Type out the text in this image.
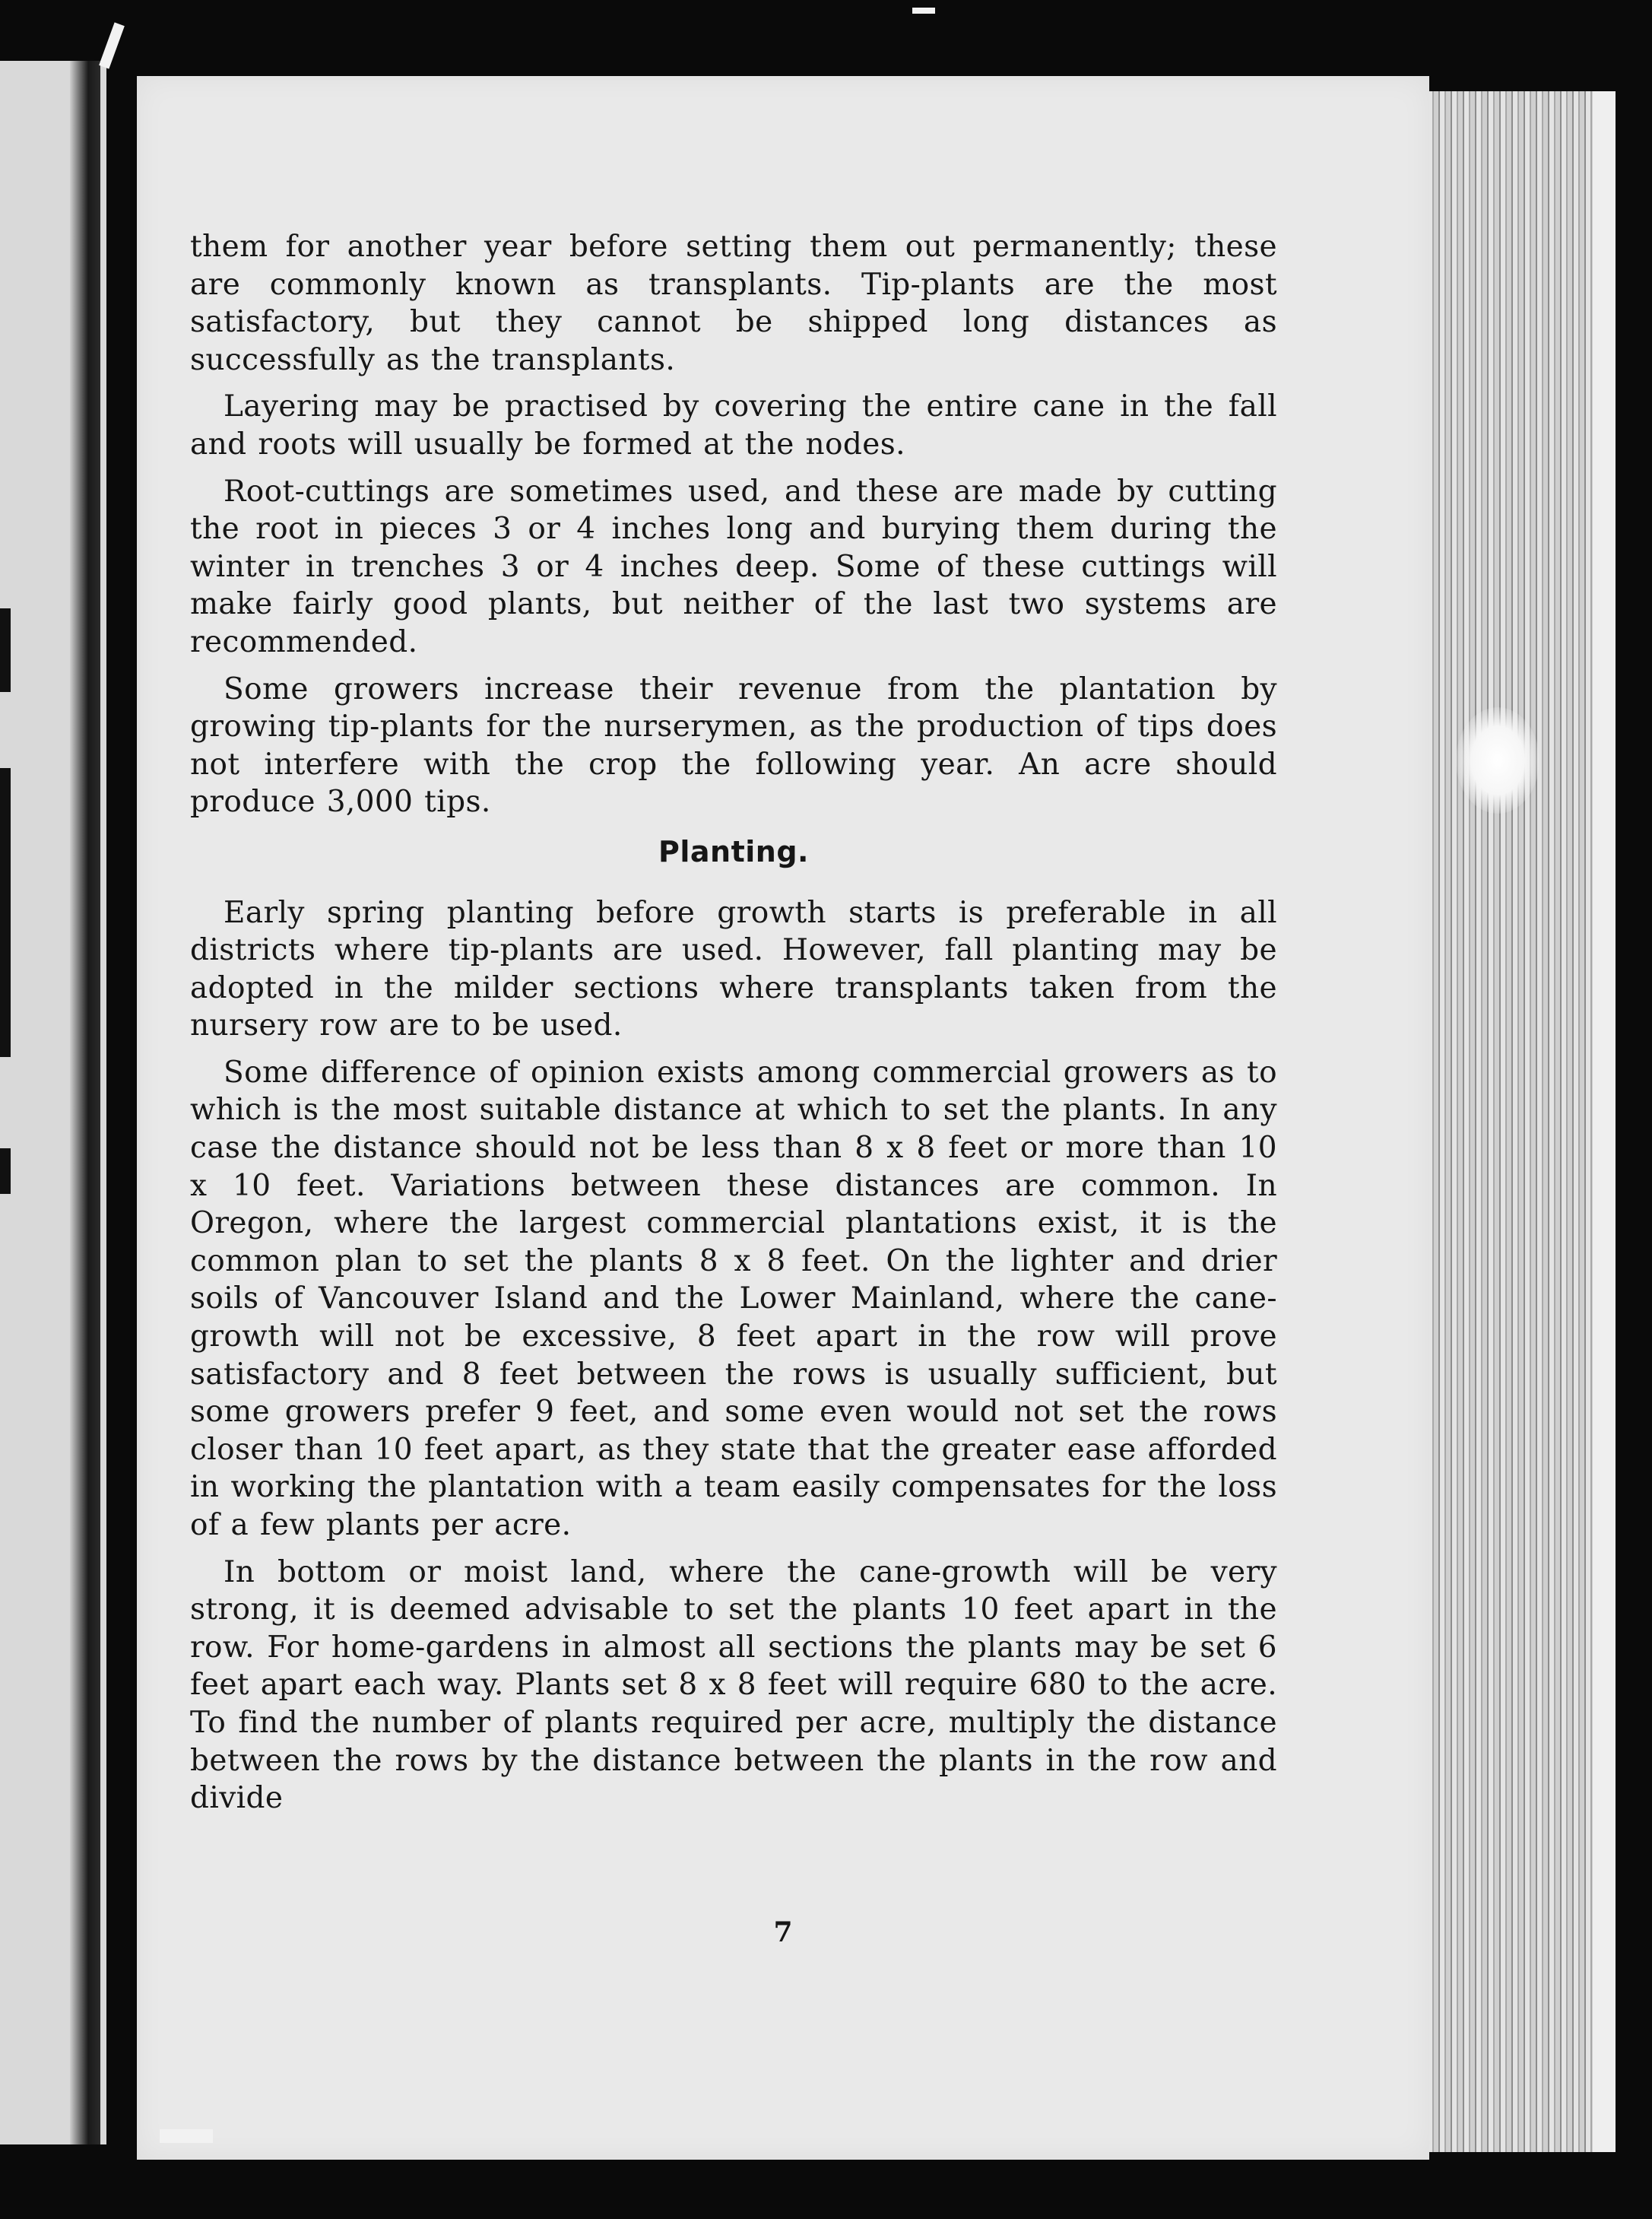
them for another year before setting them out permanently; these are commonly known as transplants. Tip-plants are the most satisfactory, but they cannot be shipped long distances as successfully as the transplants.

Layering may be practised by covering the entire cane in the fall and roots will usually be formed at the nodes.

Root-cuttings are sometimes used, and these are made by cutting the root in pieces 3 or 4 inches long and burying them during the winter in trenches 3 or 4 inches deep. Some of these cuttings will make fairly good plants, but neither of the last two systems are recommended.

Some growers increase their revenue from the plantation by growing tip-plants for the nurserymen, as the production of tips does not interfere with the crop the following year. An acre should produce 3,000 tips.

Planting.

Early spring planting before growth starts is preferable in all districts where tip-plants are used. However, fall planting may be adopted in the milder sections where transplants taken from the nursery row are to be used.

Some difference of opinion exists among commercial growers as to which is the most suitable distance at which to set the plants. In any case the distance should not be less than 8 x 8 feet or more than 10 x 10 feet. Variations between these distances are common. In Oregon, where the largest commercial plantations exist, it is the common plan to set the plants 8 x 8 feet. On the lighter and drier soils of Vancouver Island and the Lower Mainland, where the cane-growth will not be excessive, 8 feet apart in the row will prove satisfactory and 8 feet between the rows is usually sufficient, but some growers prefer 9 feet, and some even would not set the rows closer than 10 feet apart, as they state that the greater ease afforded in working the plantation with a team easily compensates for the loss of a few plants per acre.

In bottom or moist land, where the cane-growth will be very strong, it is deemed advisable to set the plants 10 feet apart in the row. For home-gardens in almost all sections the plants may be set 6 feet apart each way. Plants set 8 x 8 feet will require 680 to the acre. To find the number of plants required per acre, multiply the distance between the rows by the distance between the plants in the row and divide

7
